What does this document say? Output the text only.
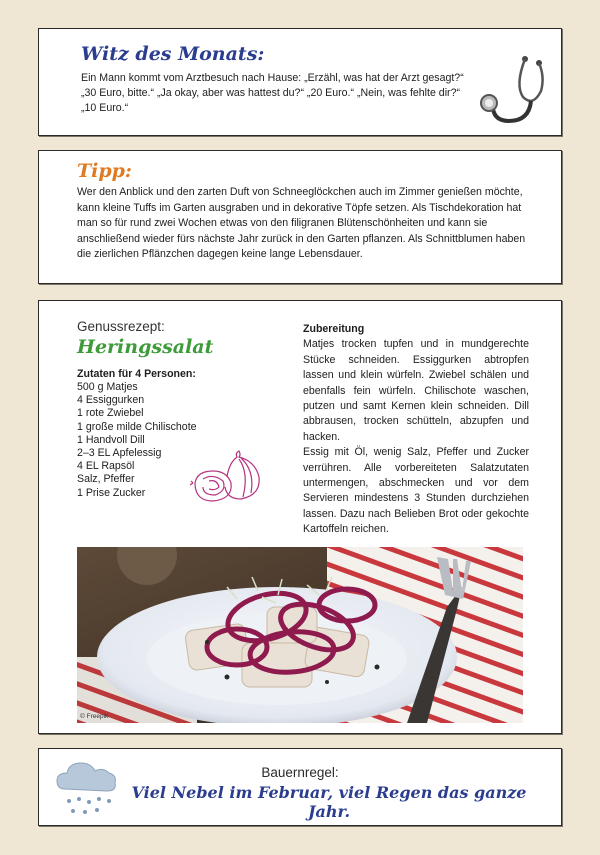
Witz des Monats:

Ein Mann kommt vom Arztbesuch nach Hause: „Erzähl, was hat der Arzt gesagt?“ „30 Euro, bitte.“ „Ja okay, aber was hattest du?“ „20 Euro.“ „Nein, was fehlte dir?“ „10 Euro.“

Tipp:

Wer den Anblick und den zarten Duft von Schneeglöckchen auch im Zimmer genießen möchte, kann kleine Tuffs im Garten ausgraben und in dekorative Töpfe setzen. Als Tischdekoration hat man so für rund zwei Wochen etwas von den filigranen Blütenschönheiten und kann sie anschließend wieder fürs nächste Jahr zurück in den Garten pflanzen. Als Schnittblumen haben die zierlichen Pflänzchen dagegen keine lange Lebensdauer.

Genussrezept:
Heringssalat
Zutaten für 4 Personen:
500 g Matjes
4 Essiggurken
1 rote Zwiebel
1 große milde Chilischote
1 Handvoll Dill
2–3 EL Apfelessig
4 EL Rapsöl
Salz, Pfeffer
1 Prise Zucker
Zubereitung

Matjes trocken tupfen und in mundgerechte Stücke schneiden. Essiggurken abtropfen lassen und klein würfeln. Zwiebel schälen und ebenfalls fein würfeln. Chilischote waschen, putzen und samt Kernen klein schneiden. Dill abbrausen, trocken schütteln, abzupfen und hacken.

Essig mit Öl, wenig Salz, Pfeffer und Zucker verrühren. Alle vorbereiteten Salatzutaten untermengen, abschmecken und vor dem Servieren mindestens 3 Stunden durchziehen lassen. Dazu nach Belieben Brot oder gekochte Kartoffeln reichen.

© Freepik
Bauernregel:

Viel Nebel im Februar, viel Regen das ganze Jahr.
